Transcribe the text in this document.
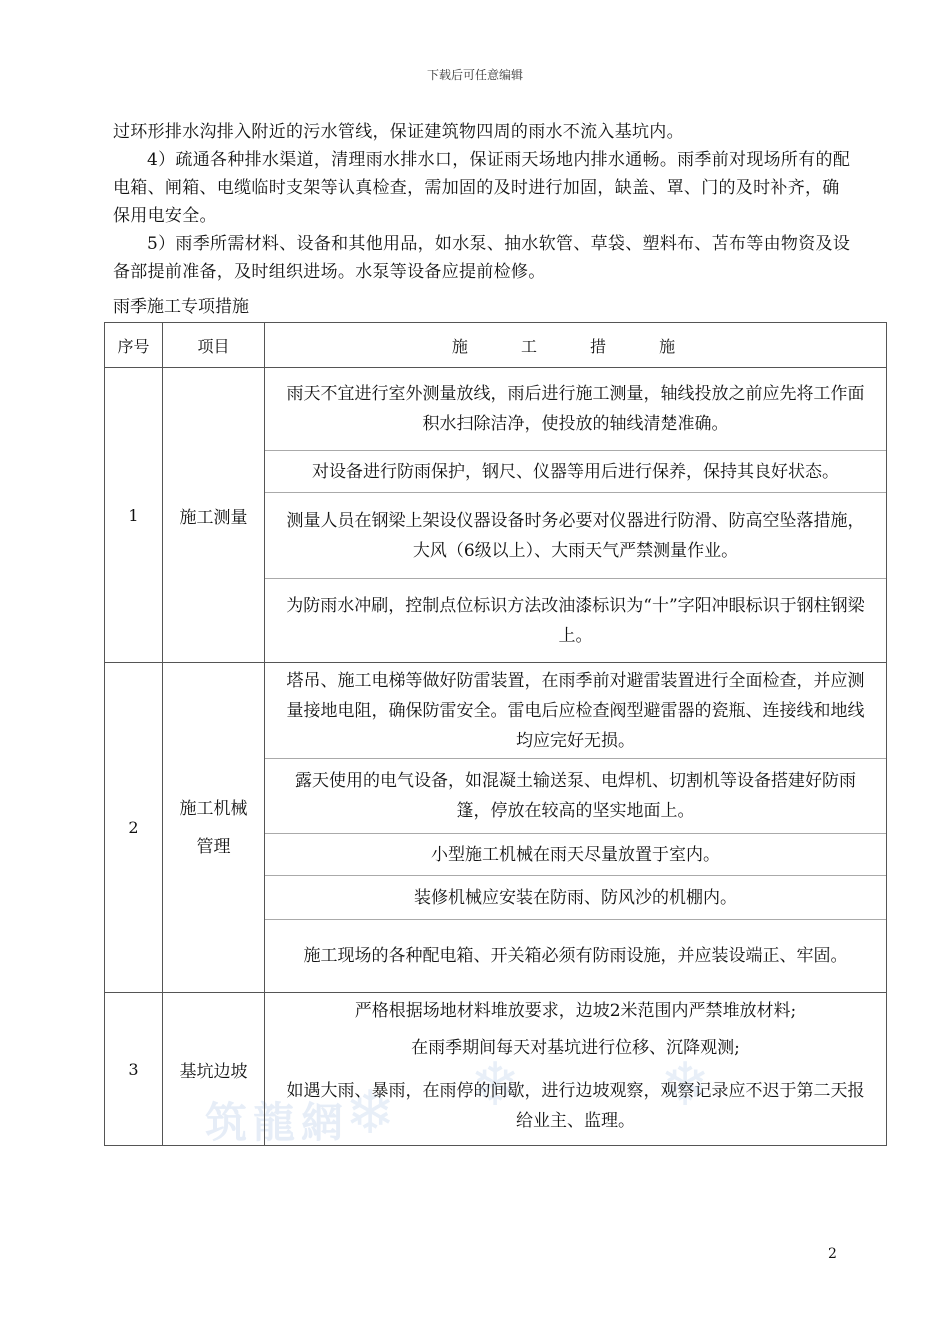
下载后可任意编辑

过环形排水沟排入附近的污水管线，保证建筑物四周的雨水不流入基坑内。

4）疏通各种排水渠道，清理雨水排水口，保证雨天场地内排水通畅。雨季前对现场所有的配电箱、闸箱、电缆临时支架等认真检查，需加固的及时进行加固，缺盖、罩、门的及时补齐，确保用电安全。

5）雨季所需材料、设备和其他用品，如水泵、抽水软管、草袋、塑料布、苫布等由物资及设备部提前准备，及时组织进场。水泵等设备应提前检修。

雨季施工专项措施
筑龍網
❄ ❄ ❄
序号	项目	施 工 措 施
1	施工测量	雨天不宜进行室外测量放线，雨后进行施工测量，轴线投放之前应先将工作面积水扫除洁净，使投放的轴线清楚准确。
对设备进行防雨保护，钢尺、仪器等用后进行保养，保持其良好状态。
测量人员在钢梁上架设仪器设备时务必要对仪器进行防滑、防高空坠落措施，大风（6级以上）、大雨天气严禁测量作业。
为防雨水冲刷，控制点位标识方法改油漆标识为“十”字阳冲眼标识于钢柱钢梁上。

2	施工机械管理	塔吊、施工电梯等做好防雷装置，在雨季前对避雷装置进行全面检查，并应测量接地电阻，确保防雷安全。雷电后应检查阀型避雷器的瓷瓶、连接线和地线均应完好无损。
露天使用的电气设备，如混凝土输送泵、电焊机、切割机等设备搭建好防雨篷，停放在较高的坚实地面上。
小型施工机械在雨天尽量放置于室内。
装修机械应安装在防雨、防风沙的机棚内。
施工现场的各种配电箱、开关箱必须有防雨设施，并应装设端正、牢固。

3	基坑边坡	严格根据场地材料堆放要求，边坡2米范围内严禁堆放材料;
在雨季期间每天对基坑进行位移、沉降观测;
如遇大雨、暴雨，在雨停的间歇，进行边坡观察，观察记录应不迟于第二天报给业主、监理。
2
